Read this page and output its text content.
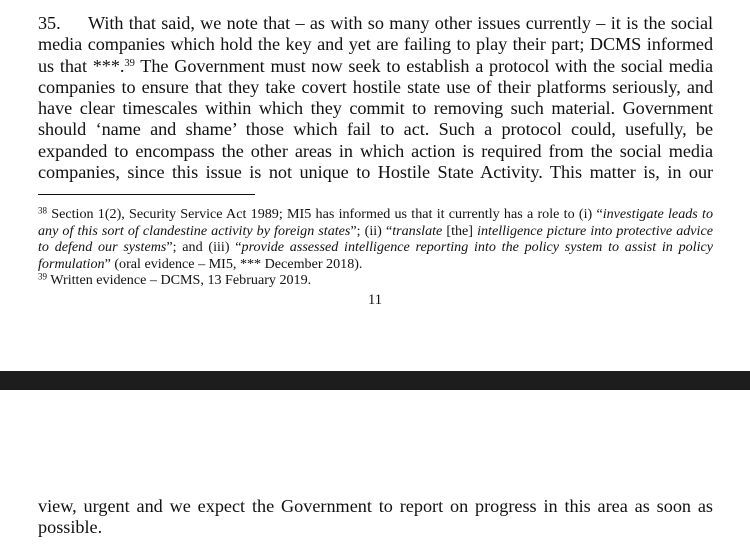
35. With that said, we note that – as with so many other issues currently – it is the social media companies which hold the key and yet are failing to play their part; DCMS informed us that ***.$^{39}$ The Government must now seek to establish a protocol with the social media companies to ensure that they take covert hostile state use of their platforms seriously, and have clear timescales within which they commit to removing such material. Government should ‘name and shame’ those which fail to act. Such a protocol could, usefully, be expanded to encompass the other areas in which action is required from the social media companies, since this issue is not unique to Hostile State Activity. This matter is, in our
$^{38}$ Section 1(2), Security Service Act 1989; MI5 has informed us that it currently has a role to (i) “investigate leads to any of this sort of clandestine activity by foreign states”; (ii) “translate [the] intelligence picture into protective advice to defend our systems”; and (iii) “provide assessed intelligence reporting into the policy system to assist in policy formulation” (oral evidence – MI5, *** December 2018).
$^{39}$ Written evidence – DCMS, 13 February 2019.
11
view, urgent and we expect the Government to report on progress in this area as soon as possible.
